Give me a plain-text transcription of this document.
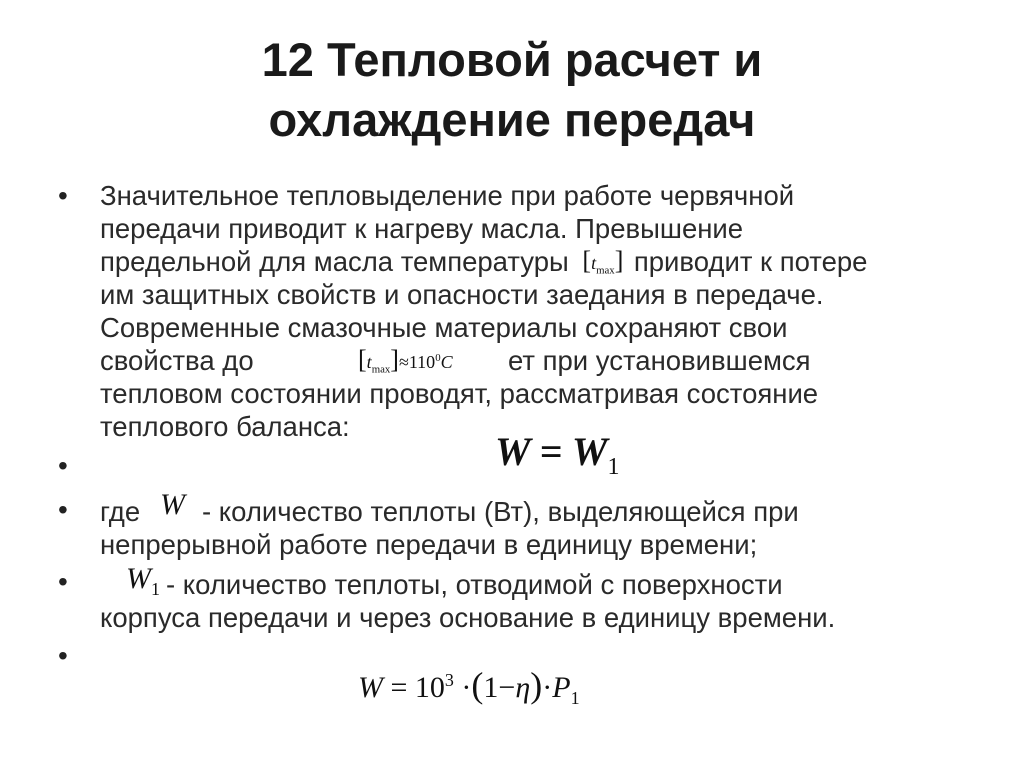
12 Тепловой расчет и
охлаждение передач
•
•
•
•
•
Значительное тепловыделение при работе червячной
передачи приводит к нагреву масла. Превышение
предельной для масла температуры $[t_{max}]$ приводит к потере
им защитных свойств и опасности заедания в передаче.
Современные смазочные материалы сохраняют свои
свойства до	$[t_{max}]\approx 110^0C$ ет при установившемся
тепловом состоянии проводят, рассматривая состояние
теплового баланса:
$W = W_1$
где W - количество теплоты (Вт), выделяющейся при
непрерывной работе передачи в единицу времени;
$W_1$ - количество теплоты, отводимой с поверхности
корпуса передачи и через основание в единицу времени.
$W = 10^3 \cdot(1-\eta)\cdot P_1$
